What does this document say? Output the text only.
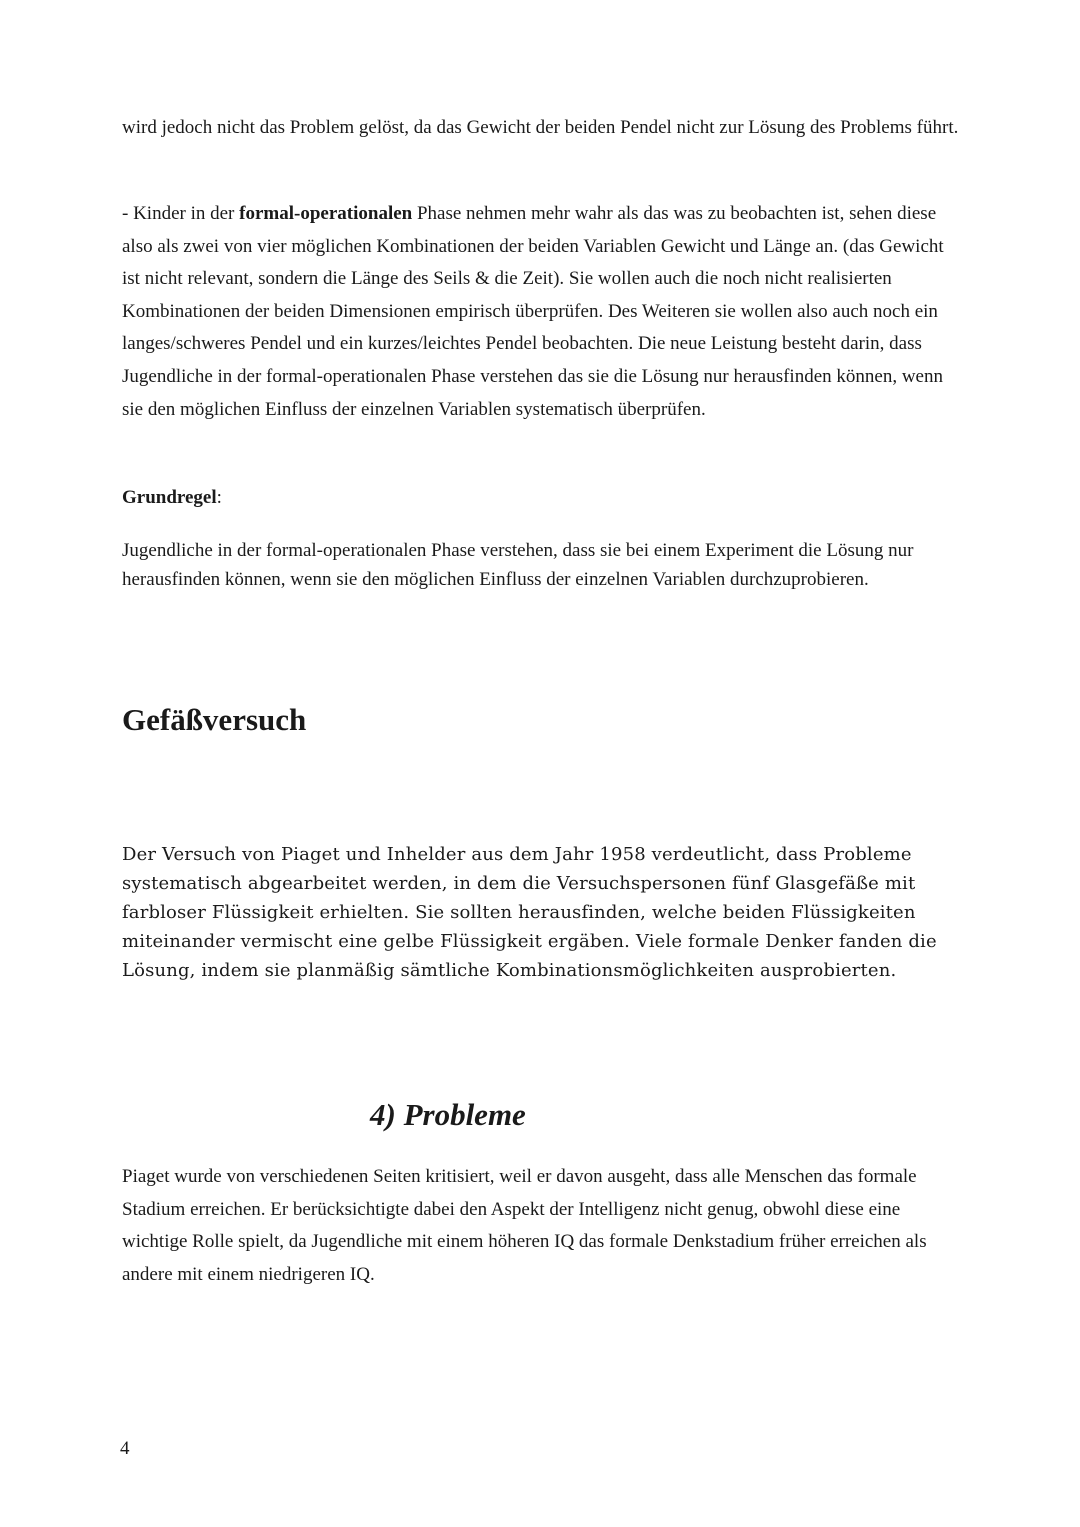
wird jedoch nicht das Problem gelöst, da das Gewicht der beiden Pendel nicht zur Lösung des Problems führt.

- Kinder in der formal-operationalen Phase nehmen mehr wahr als das was zu beobachten ist, sehen diese also als zwei von vier möglichen Kombinationen der beiden Variablen Gewicht und Länge an. (das Gewicht ist nicht relevant, sondern die Länge des Seils & die Zeit). Sie wollen auch die noch nicht realisierten Kombinationen der beiden Dimensionen empirisch überprüfen. Des Weiteren sie wollen also auch noch ein langes/schweres Pendel und ein kurzes/leichtes Pendel beobachten. Die neue Leistung besteht darin, dass Jugendliche in der formal-operationalen Phase verstehen das sie die Lösung nur herausfinden können, wenn sie den möglichen Einfluss der einzelnen Variablen systematisch überprüfen.

Grundregel:

Jugendliche in der formal-operationalen Phase verstehen, dass sie bei einem Experiment die Lösung nur herausfinden können, wenn sie den möglichen Einfluss der einzelnen Variablen durchzuprobieren.

Gefäßversuch

Der Versuch von Piaget und Inhelder aus dem Jahr 1958 verdeutlicht, dass Probleme systematisch abgearbeitet werden, in dem die Versuchspersonen fünf Glasgefäße mit farbloser Flüssigkeit erhielten. Sie sollten herausfinden, welche beiden Flüssigkeiten miteinander vermischt eine gelbe Flüssigkeit ergäben. Viele formale Denker fanden die Lösung, indem sie planmäßig sämtliche Kombinationsmöglichkeiten ausprobierten.

4) Probleme

Piaget wurde von verschiedenen Seiten kritisiert, weil er davon ausgeht, dass alle Menschen das formale Stadium erreichen. Er berücksichtigte dabei den Aspekt der Intelligenz nicht genug, obwohl diese eine wichtige Rolle spielt, da Jugendliche mit einem höheren IQ das formale Denkstadium früher erreichen als andere mit einem niedrigeren IQ.

4
